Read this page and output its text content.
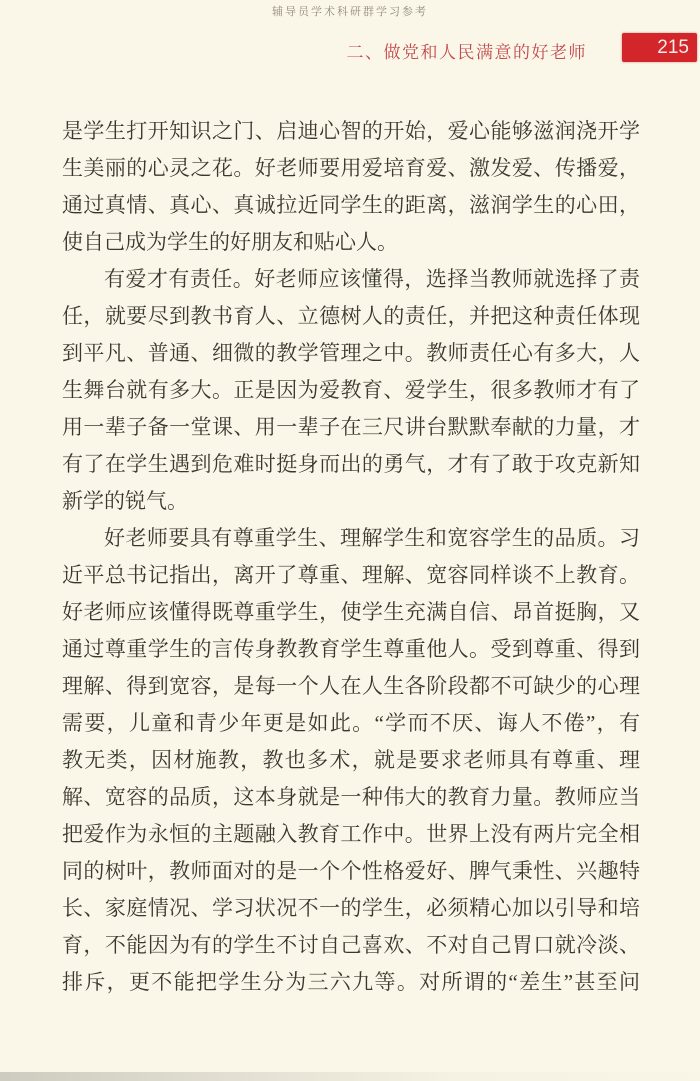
辅导员学术科研群学习参考
二、做党和人民满意的好老师	215
是学生打开知识之门、启迪心智的开始，爱心能够滋润浇开学
生美丽的心灵之花。好老师要用爱培育爱、激发爱、传播爱，
通过真情、真心、真诚拉近同学生的距离，滋润学生的心田，
使自己成为学生的好朋友和贴心人。
有爱才有责任。好老师应该懂得，选择当教师就选择了责
任，就要尽到教书育人、立德树人的责任，并把这种责任体现
到平凡、普通、细微的教学管理之中。教师责任心有多大，人
生舞台就有多大。正是因为爱教育、爱学生，很多教师才有了
用一辈子备一堂课、用一辈子在三尺讲台默默奉献的力量，才
有了在学生遇到危难时挺身而出的勇气，才有了敢于攻克新知
新学的锐气。
好老师要具有尊重学生、理解学生和宽容学生的品质。习
近平总书记指出，离开了尊重、理解、宽容同样谈不上教育。
好老师应该懂得既尊重学生，使学生充满自信、昂首挺胸，又
通过尊重学生的言传身教教育学生尊重他人。受到尊重、得到
理解、得到宽容，是每一个人在人生各阶段都不可缺少的心理
需要，儿童和青少年更是如此。“学而不厌、诲人不倦”，有
教无类，因材施教，教也多术，就是要求老师具有尊重、理
解、宽容的品质，这本身就是一种伟大的教育力量。教师应当
把爱作为永恒的主题融入教育工作中。世界上没有两片完全相
同的树叶，教师面对的是一个个性格爱好、脾气秉性、兴趣特
长、家庭情况、学习状况不一的学生，必须精心加以引导和培
育，不能因为有的学生不讨自己喜欢、不对自己胃口就冷淡、
排斥，更不能把学生分为三六九等。对所谓的“差生”甚至问
